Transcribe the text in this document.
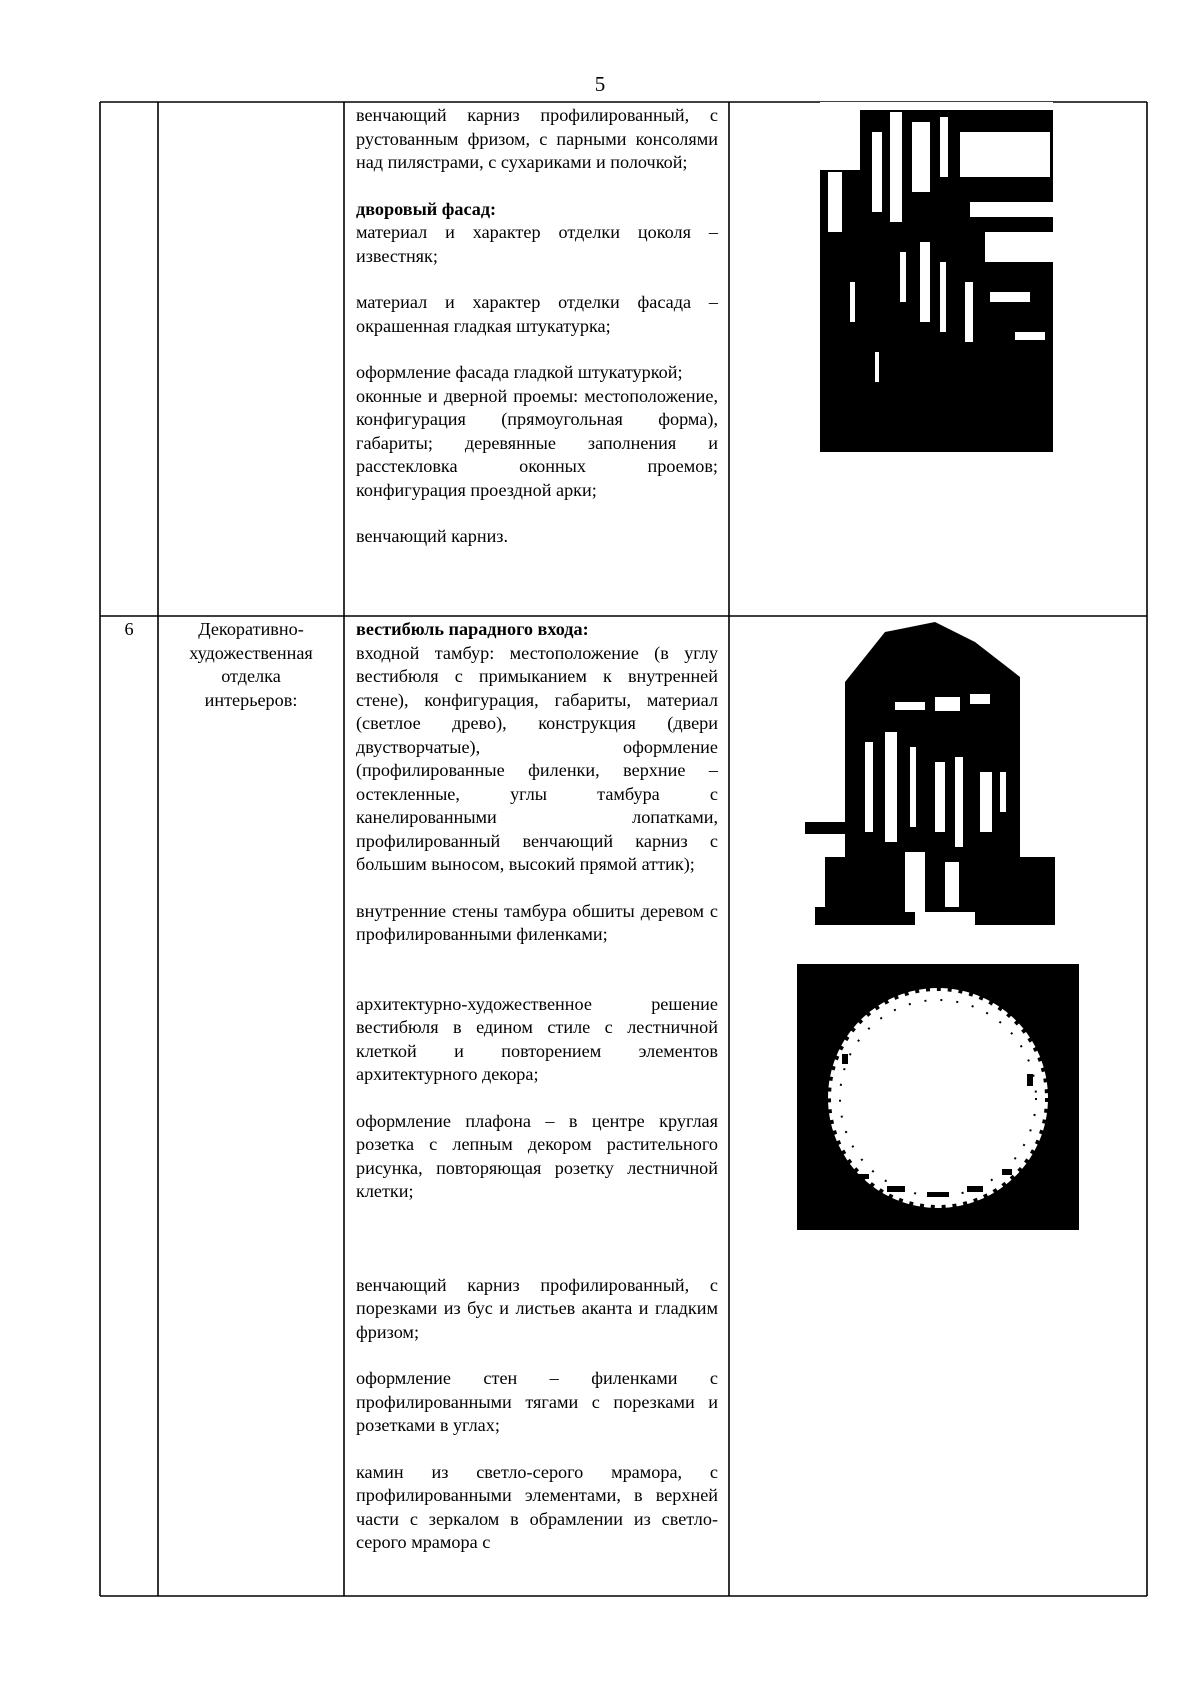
5

венчающий карниз профилированный, с рустованным фризом, с парными консолями над пилястрами, с сухариками и полочкой;

дворовый фасад:

материал и характер отделки цоколя – известняк;

материал и характер отделки фасада – окрашенная гладкая штукатурка;

оформление фасада гладкой штукатуркой;

оконные и дверной проемы: местоположение, конфигурация (прямоугольная форма), габариты; деревянные заполнения и расстекловка оконных проемов; конфигурация проездной арки;

венчающий карниз.

6	Декоративно-
художественная
отделка
интерьеров:

вестибюль парадного входа:

входной тамбур: местоположение (в углу вестибюля с примыканием к внутренней стене), конфигурация, габариты, материал (светлое древо), конструкция (двери двустворчатые), оформление (профилированные филенки, верхние – остекленные, углы тамбура с канелированными лопатками, профилированный венчающий карниз с большим выносом, высокий прямой аттик);

внутренние стены тамбура обшиты деревом с профилированными филенками;

архитектурно-художественное решение вестибюля в едином стиле с лестничной клеткой и повторением элементов архитектурного декора;

оформление плафона – в центре круглая розетка с лепным декором растительного рисунка, повторяющая розетку лестничной клетки;

венчающий карниз профилированный, с порезками из бус и листьев аканта и гладким фризом;

оформление стен – филенками с профилированными тягами с порезками и розетками в углах;

камин из светло-серого мрамора, с профилированными элементами, в верхней части с зеркалом в обрамлении из светло-серого мрамора с
